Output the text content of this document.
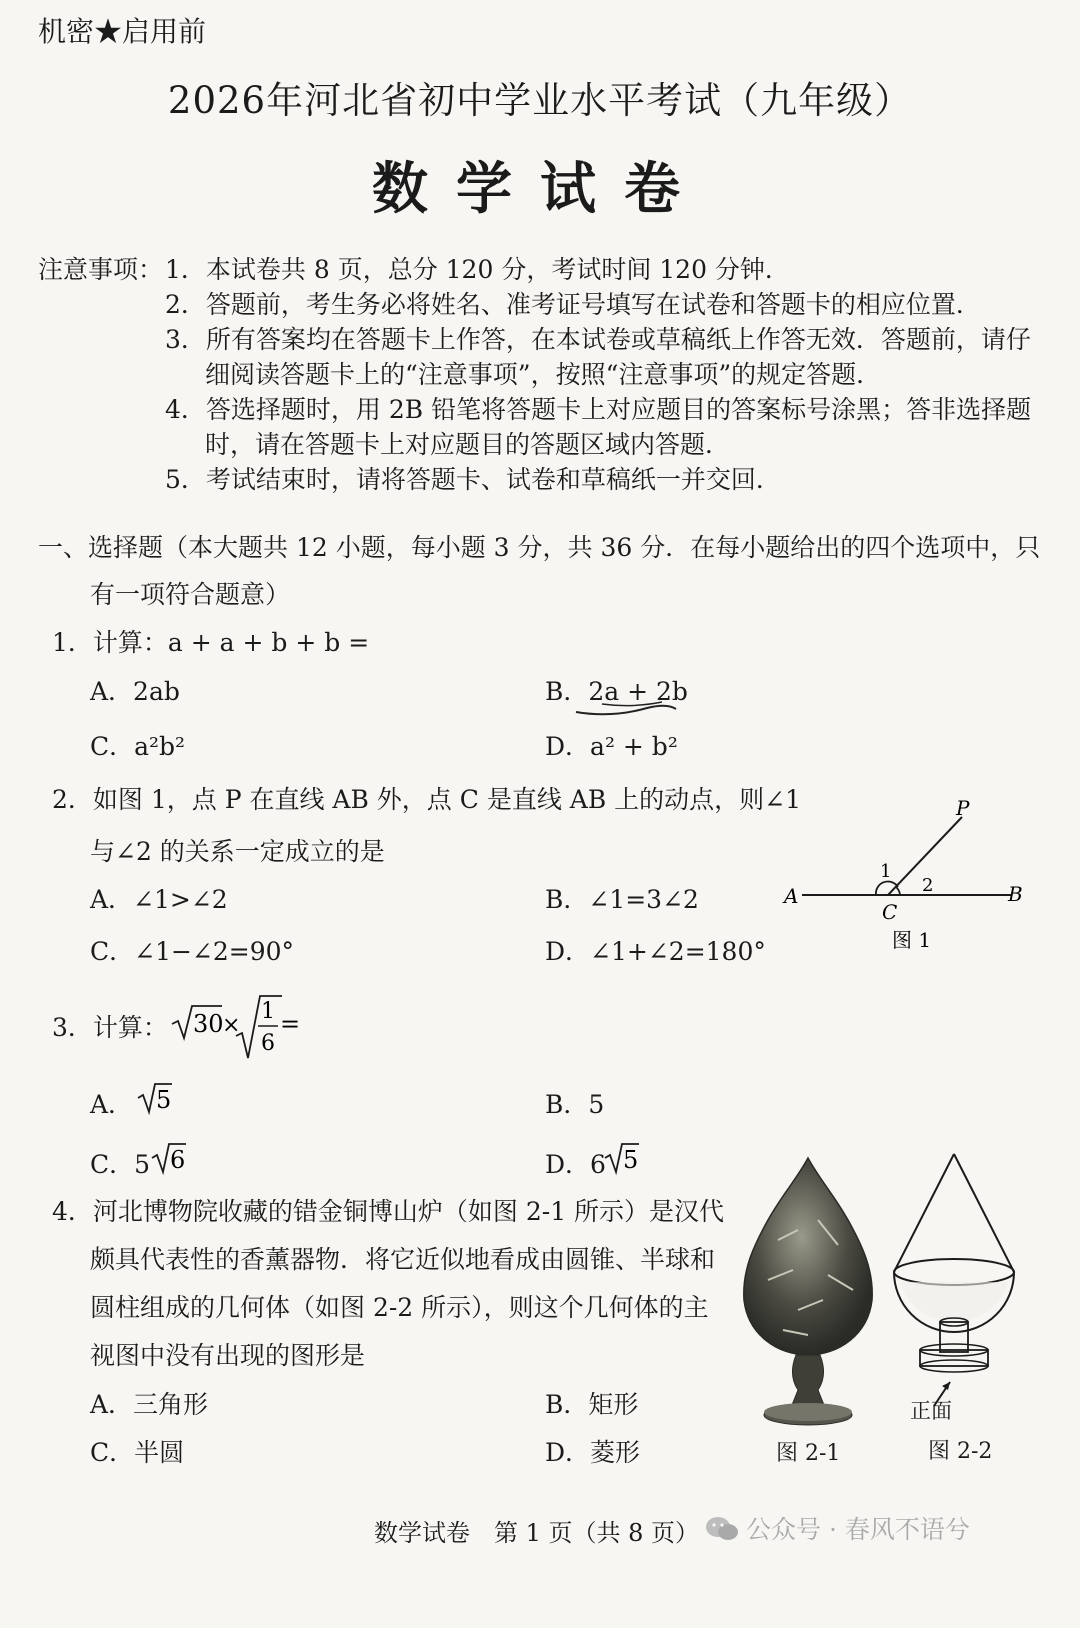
机密★启用前
2026年河北省初中学业水平考试（九年级）
数学试卷
注意事项： 1．本试卷共 8 页，总分 120 分，考试时间 120 分钟．
2．答题前，考生务必将姓名、准考证号填写在试卷和答题卡的相应位置．
3．所有答案均在答题卡上作答，在本试卷或草稿纸上作答无效．答题前，请仔
细阅读答题卡上的“注意事项”，按照“注意事项”的规定答题．
4．答选择题时，用 2B 铅笔将答题卡上对应题目的答案标号涂黑；答非选择题
时，请在答题卡上对应题目的答题区域内答题．
5．考试结束时，请将答题卡、试卷和草稿纸一并交回．
一、选择题（本大题共 12 小题，每小题 3 分，共 36 分．在每小题给出的四个选项中，只
有一项符合题意）
1．计算：a + a + b + b =
A．2ab	B．2a + 2b
C．a²b²	D．a² + b²
2．如图 1，点 P 在直线 AB 外，点 C 是直线 AB 上的动点，则∠1
与∠2 的关系一定成立的是
A．∠1>∠2	B．∠1=3∠2
C．∠1−∠2=90°	D．∠1+∠2=180°
P
1
2
A	B
C
图 1
3．计算： 30
×
1
6
=
A． 5	B．5
C．5 6	D．6 5
4．河北博物院收藏的错金铜博山炉（如图 2-1 所示）是汉代
颇具代表性的香薰器物．将它近似地看成由圆锥、半球和
圆柱组成的几何体（如图 2-2 所示），则这个几何体的主
视图中没有出现的图形是
A．三角形	B．矩形
C．半圆	D．菱形	图 2-1
正面
图 2-2
数学试卷　第 1 页（共 8 页） 公众号 · 春风不语兮
